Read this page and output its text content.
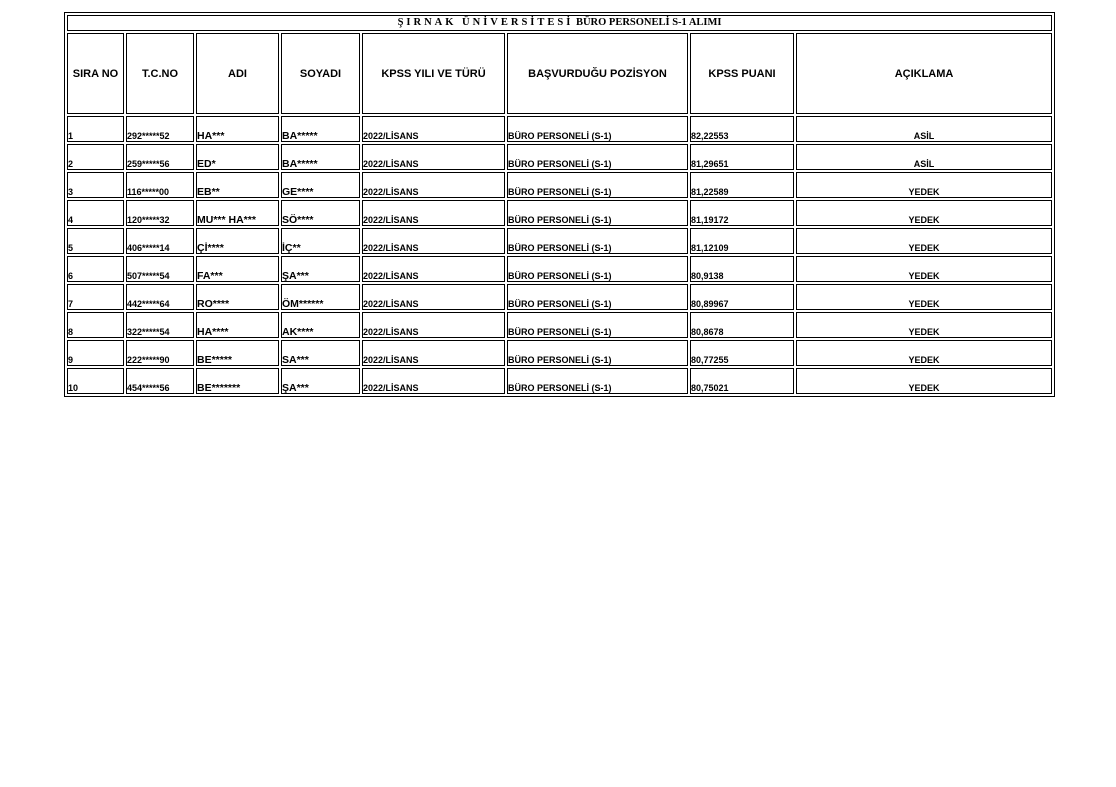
ŞIRNAK ÜNİVERSİTESİ BÜRO PERSONELİ S-1 ALIMI							
SIRA NO	T.C.NO	ADI	SOYADI	KPSS YILI VE TÜRÜ	BAŞVURDUĞU POZİSYON	KPSS PUANI	AÇIKLAMA
1	292*****52	HA***	BA*****	2022/LİSANS	BÜRO PERSONELİ (S-1)	82,22553	ASİL
2	259*****56	ED*	BA*****	2022/LİSANS	BÜRO PERSONELİ (S-1)	81,29651	ASİL
3	116*****00	EB**	GE****	2022/LİSANS	BÜRO PERSONELİ (S-1)	81,22589	YEDEK
4	120*****32	MU*** HA***	SÖ****	2022/LİSANS	BÜRO PERSONELİ (S-1)	81,19172	YEDEK
5	406*****14	Çİ****	İÇ**	2022/LİSANS	BÜRO PERSONELİ (S-1)	81,12109	YEDEK
6	507*****54	FA***	ŞA***	2022/LİSANS	BÜRO PERSONELİ (S-1)	80,9138	YEDEK
7	442*****64	RO****	ÖM******	2022/LİSANS	BÜRO PERSONELİ (S-1)	80,89967	YEDEK
8	322*****54	HA****	AK****	2022/LİSANS	BÜRO PERSONELİ (S-1)	80,8678	YEDEK
9	222*****90	BE*****	SA***	2022/LİSANS	BÜRO PERSONELİ (S-1)	80,77255	YEDEK
10	454*****56	BE*******	ŞA***	2022/LİSANS	BÜRO PERSONELİ (S-1)	80,75021	YEDEK
